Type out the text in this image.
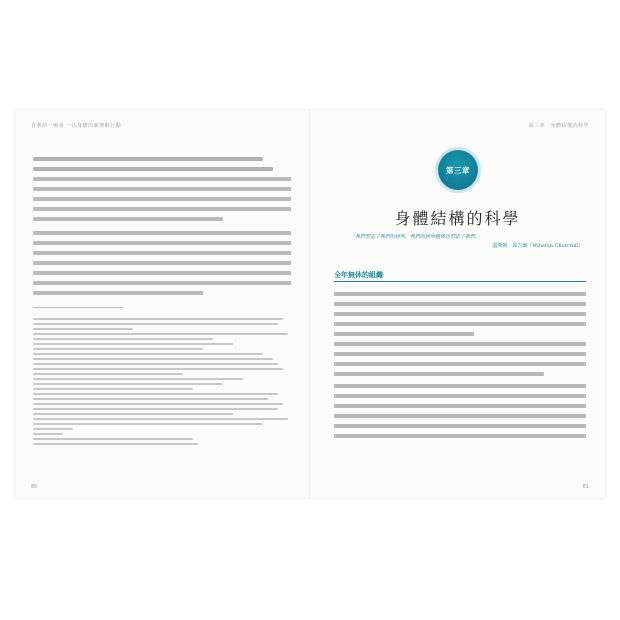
自我的一場身 一次身體的新理解行動
80
第三章　身體結構的科學
第三章
身體結構的科學
「我們塑造了我們的居所，我們的居所隨後也塑造了我們。」
溫斯頓．邱吉爾（Winston Churchill）
全年無休的組織
81
